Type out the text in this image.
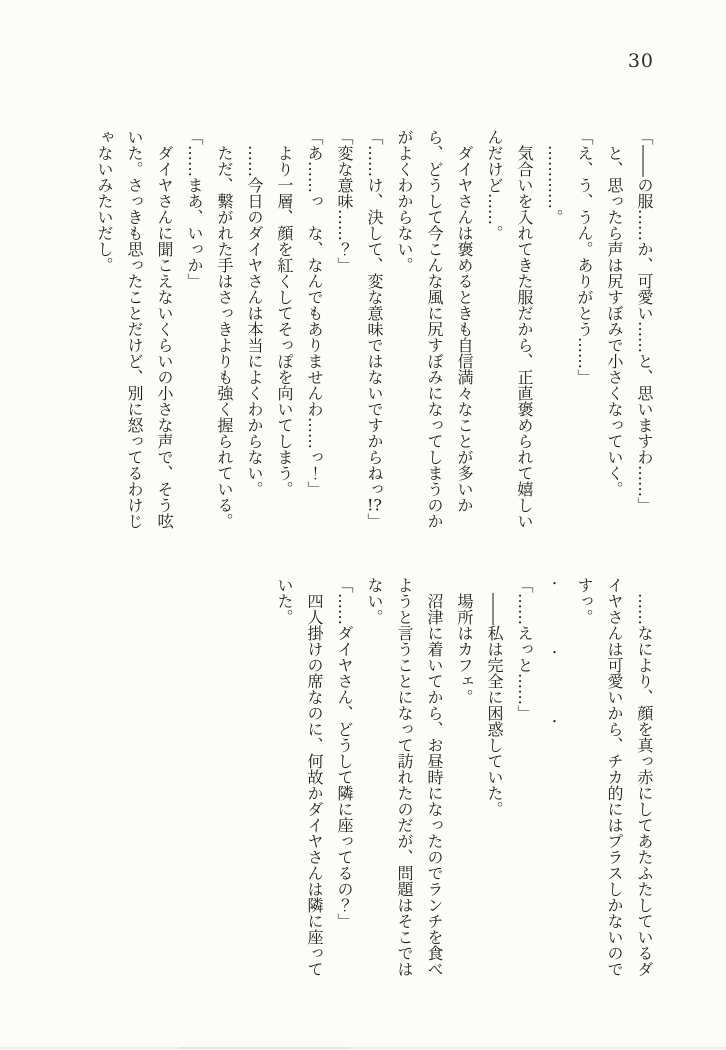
30

「――の服……か、可愛い……と、思いますわ……」

　と、思ったら声は尻すぼみで小さくなっていく。

「え、う、うん。ありがとう……」

　…………。

　気合いを入れてきた服だから、正直褒められて嬉しい

んだけど……。

　ダイヤさんは褒めるときも自信満々なことが多いか

ら、どうして今こんな風に尻すぼみになってしまうのか

がよくわからない。

「……け、決して、変な意味ではないですからねっ!?」

「変な意味……？」

「あ……っ　な、なんでもありませんわ……っ！」

　より一層、顔を紅くしてそっぽを向いてしまう。

　……今日のダイヤさんは本当によくわからない。

　ただ、繋がれた手はさっきよりも強く握られている。

「……まあ、いっか」

　ダイヤさんに聞こえないくらいの小さな声で、そう呟

いた。さっきも思ったことだけど、別に怒ってるわけじ

ゃないみたいだし。

　……なにより、顔を真っ赤にしてあたふたしているダ

イヤさんは可愛いから、チカ的にはプラスしかないので

すっ。

・・・

「……えっと……」

　――私は完全に困惑していた。

　場所はカフェ。

　沼津に着いてから、お昼時になったのでランチを食べ

ようと言うことになって訪れたのだが、問題はそこでは

ない。

「……ダイヤさん、どうして隣に座ってるの？」

　四人掛けの席なのに、何故かダイヤさんは隣に座って

いた。
